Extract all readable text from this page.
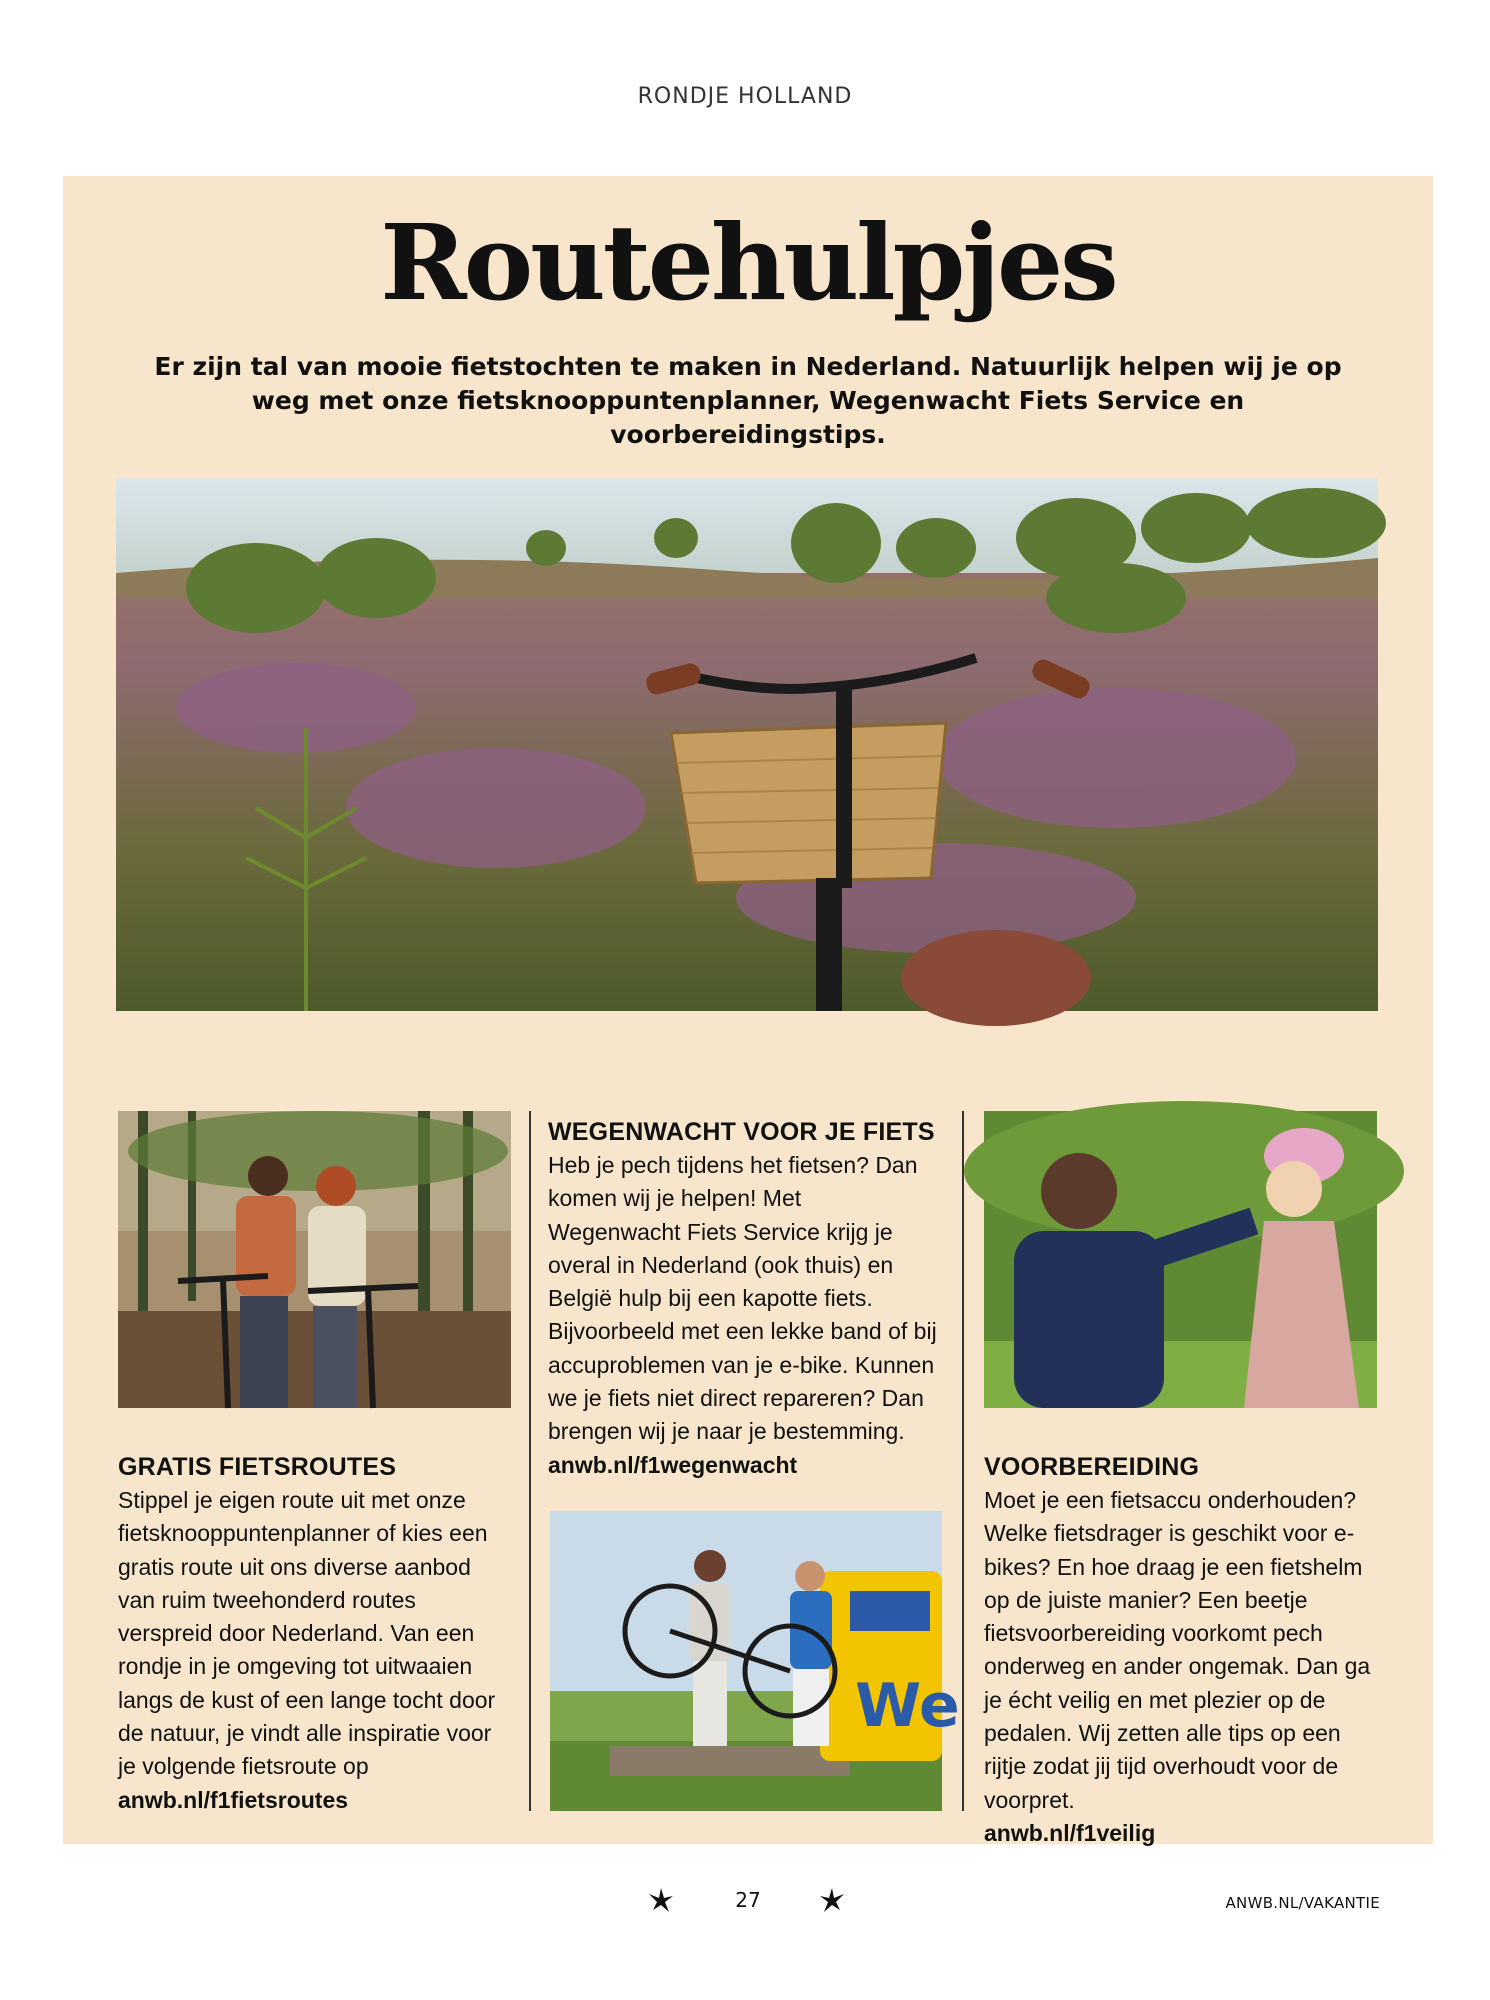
RONDJE HOLLAND
Routehulpjes
Er zijn tal van mooie fietstochten te maken in Nederland. Natuurlijk helpen wij je op weg met onze fietsknooppuntenplanner, Wegenwacht Fiets Service en voorbereidingstips.
GRATIS FIETSROUTES

Stippel je eigen route uit met onze fietsknooppuntenplanner of kies een gratis route uit ons diverse aanbod van ruim tweehonderd routes verspreid door Nederland. Van een rondje in je omgeving tot uitwaaien langs de kust of een lange tocht door de natuur, je vindt alle inspiratie voor je volgende fietsroute op

anwb.nl/f1fietsroutes

WEGENWACHT VOOR JE FIETS

Heb je pech tijdens het fietsen? Dan komen wij je helpen! Met Wegenwacht Fiets Service krijg je overal in Nederland (ook thuis) en België hulp bij een kapotte fiets. Bijvoorbeeld met een lekke band of bij accuproblemen van je e-bike. Kunnen we je fiets niet direct repareren? Dan brengen wij je naar je bestemming.

anwb.nl/f1wegenwacht

We
VOORBEREIDING

Moet je een fietsaccu onderhouden? Welke fietsdrager is geschikt voor e-bikes? En hoe draag je een fietshelm op de juiste manier? Een beetje fietsvoorbereiding voorkomt pech onderweg en ander ongemak. Dan ga je écht veilig en met plezier op de pedalen. Wij zetten alle tips op een rijtje zodat jij tijd overhoudt voor de voorpret.

anwb.nl/f1veilig

27	ANWB.NL/VAKANTIE
